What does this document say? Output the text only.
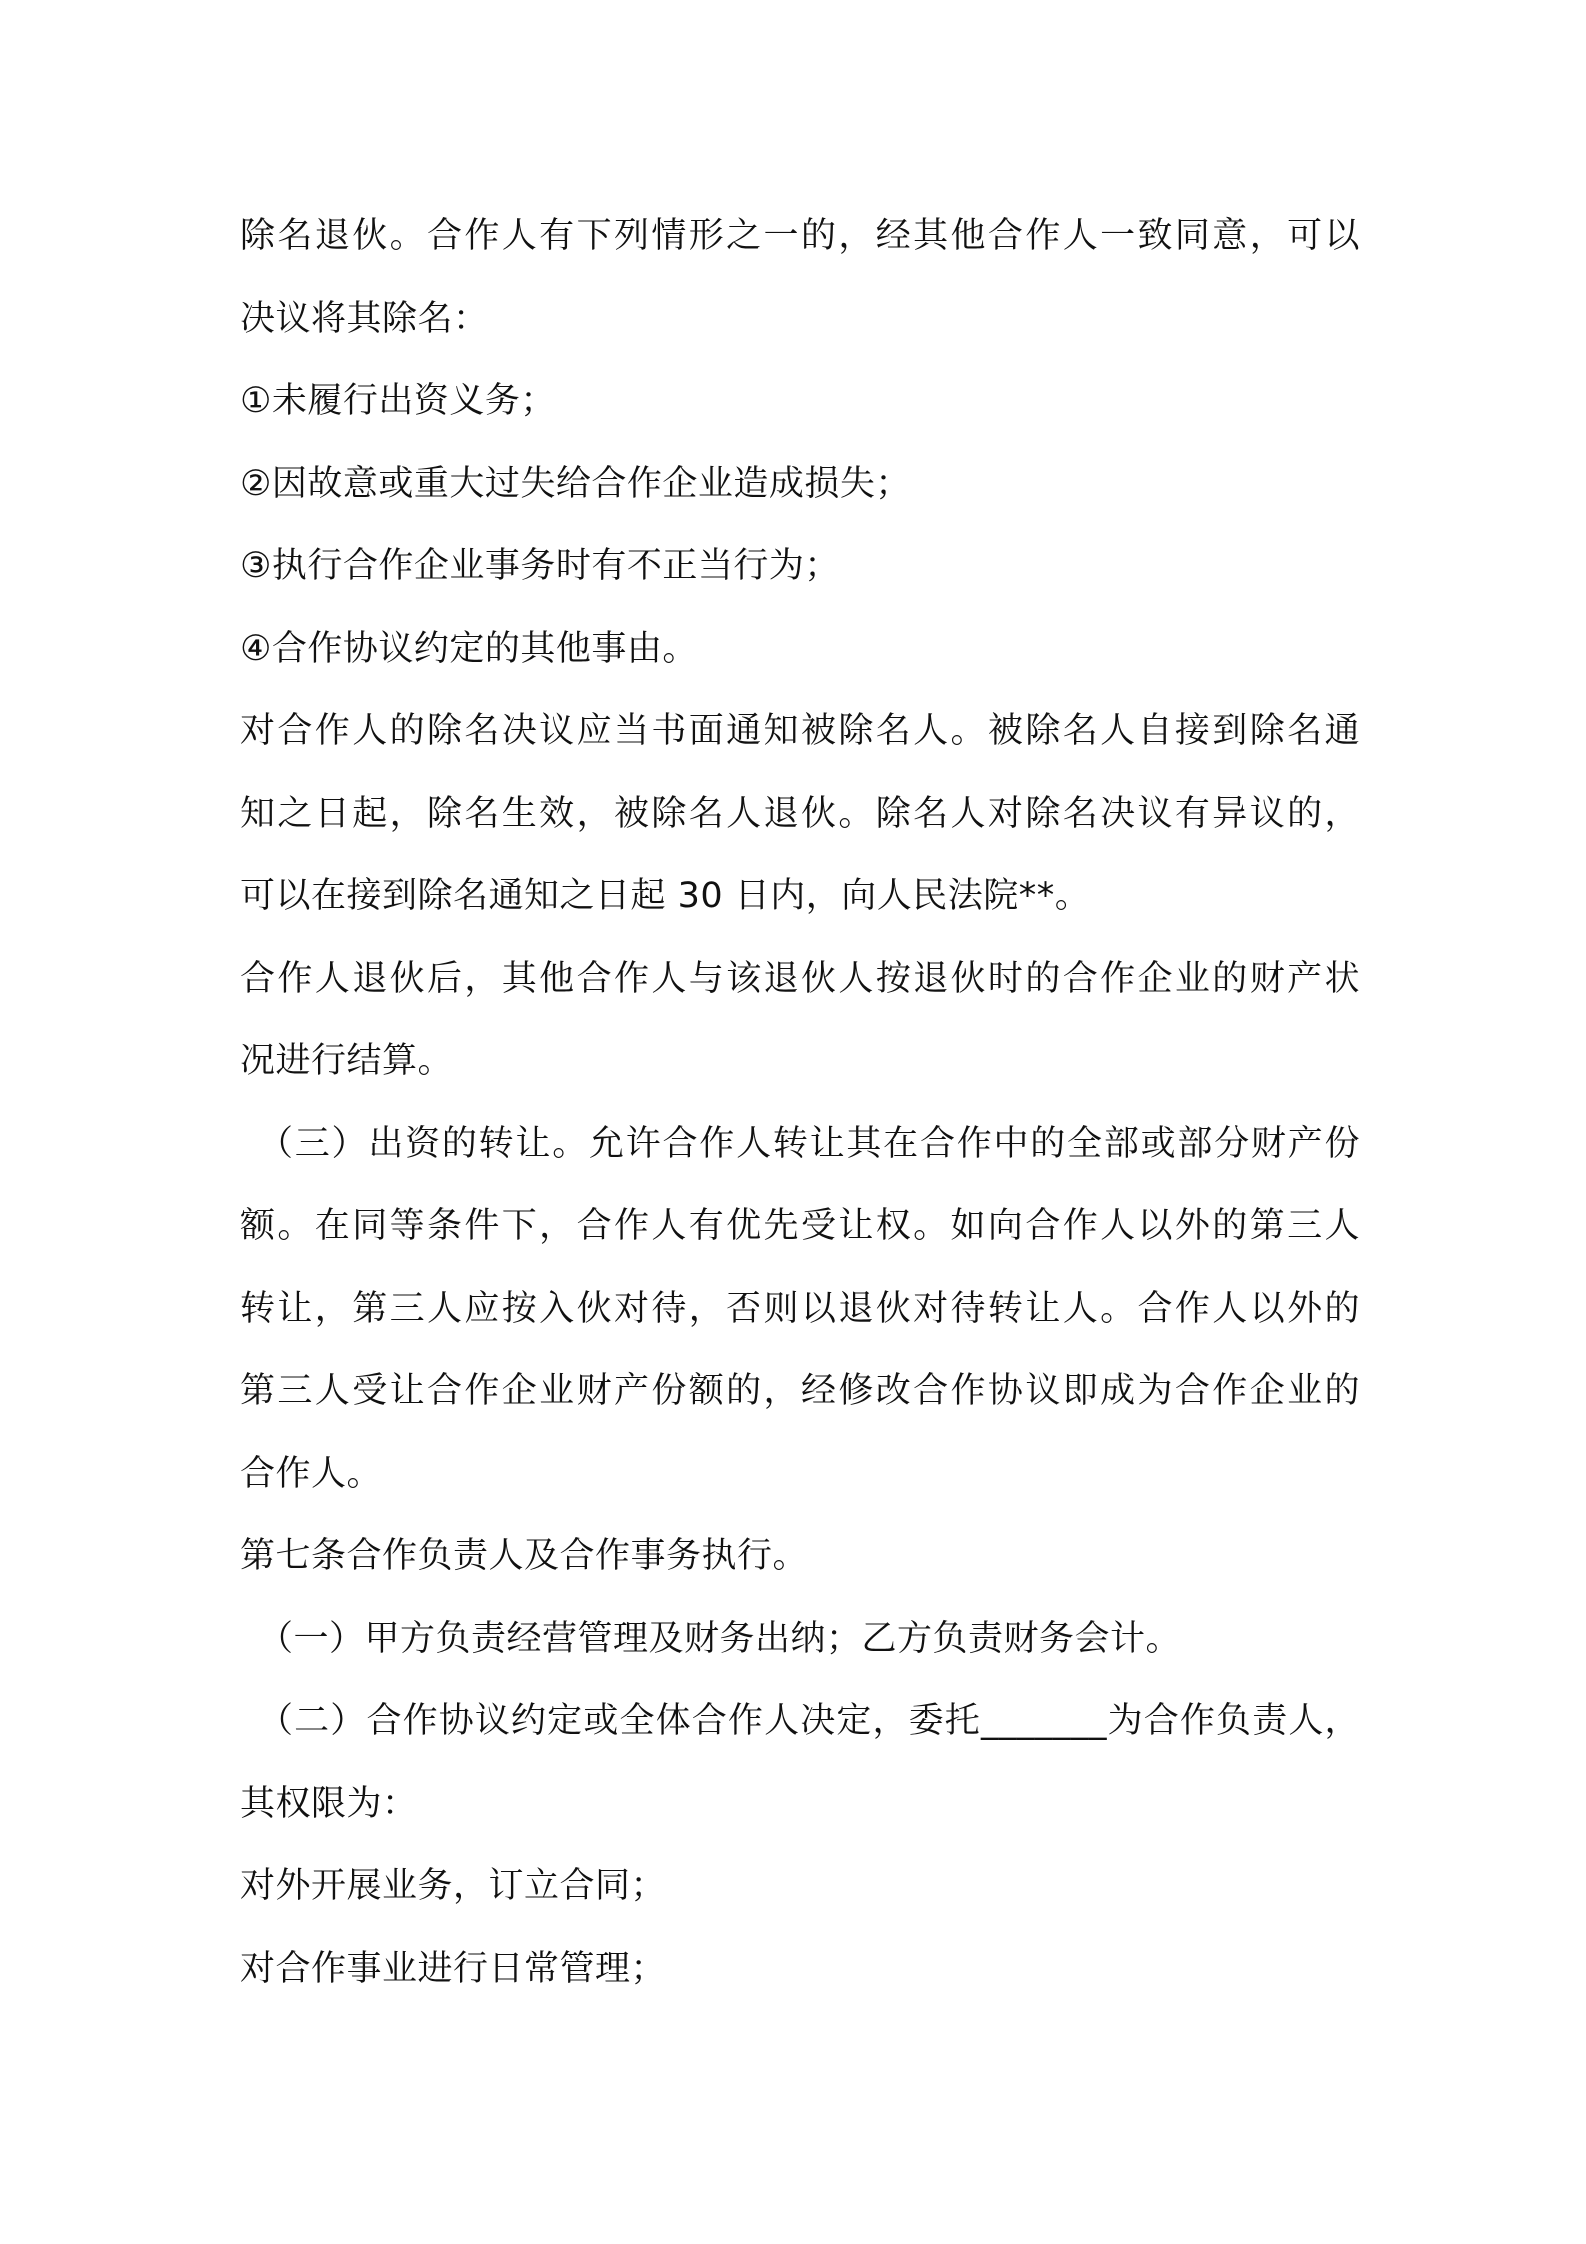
除名退伙。合作人有下列情形之一的，经其他合作人一致同意，可以
决议将其除名：
①未履行出资义务；
②因故意或重大过失给合作企业造成损失；
③执行合作企业事务时有不正当行为；
④合作协议约定的其他事由。
对合作人的除名决议应当书面通知被除名人。被除名人自接到除名通
知之日起，除名生效，被除名人退伙。除名人对除名决议有异议的，
可以在接到除名通知之日起 30 日内，向人民法院**。
合作人退伙后，其他合作人与该退伙人按退伙时的合作企业的财产状
况进行结算。
（三）出资的转让。允许合作人转让其在合作中的全部或部分财产份
额。在同等条件下，合作人有优先受让权。如向合作人以外的第三人
转让，第三人应按入伙对待，否则以退伙对待转让人。合作人以外的
第三人受让合作企业财产份额的，经修改合作协议即成为合作企业的
合作人。
第七条合作负责人及合作事务执行。
（一）甲方负责经营管理及财务出纳；乙方负责财务会计。
（二）合作协议约定或全体合作人决定，委托_______为合作负责人，
其权限为：
对外开展业务，订立合同；
对合作事业进行日常管理；
